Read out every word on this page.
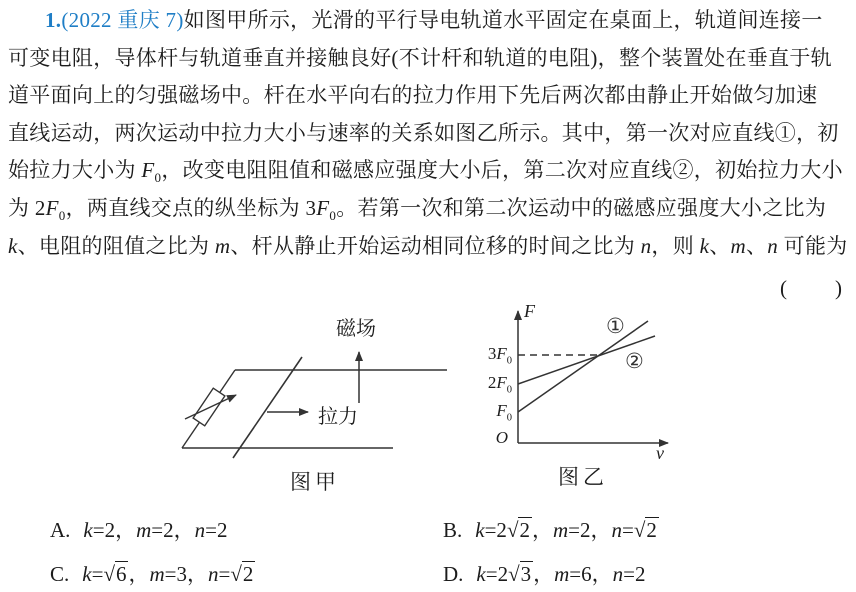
1.(2022 重庆 7)如图甲所示，光滑的平行导电轨道水平固定在桌面上，轨道间连接一
可变电阻，导体杆与轨道垂直并接触良好(不计杆和轨道的电阻)，整个装置处在垂直于轨
道平面向上的匀强磁场中。杆在水平向右的拉力作用下先后两次都由静止开始做匀加速
直线运动，两次运动中拉力大小与速率的关系如图乙所示。其中，第一次对应直线①，初
始拉力大小为 $F_0$，改变电阻阻值和磁感应强度大小后，第二次对应直线②，初始拉力大小
为 $2F_0$，两直线交点的纵坐标为 $3F_0$。若第一次和第二次运动中的磁感应强度大小之比为
k、电阻的阻值之比为 m、杆从静止开始运动相同位移的时间之比为 n，则 k、m、n 可能为
(　　)
磁场
拉力
图甲
F
v
$3F_0$
$2F_0$
$F_0$
O
①
②
图乙
A. k=2，m=2，n=2	B. k=2√2，m=2，n=√2
C. k=√6，m=3，n=√2	D. k=2√3，m=6，n=2
